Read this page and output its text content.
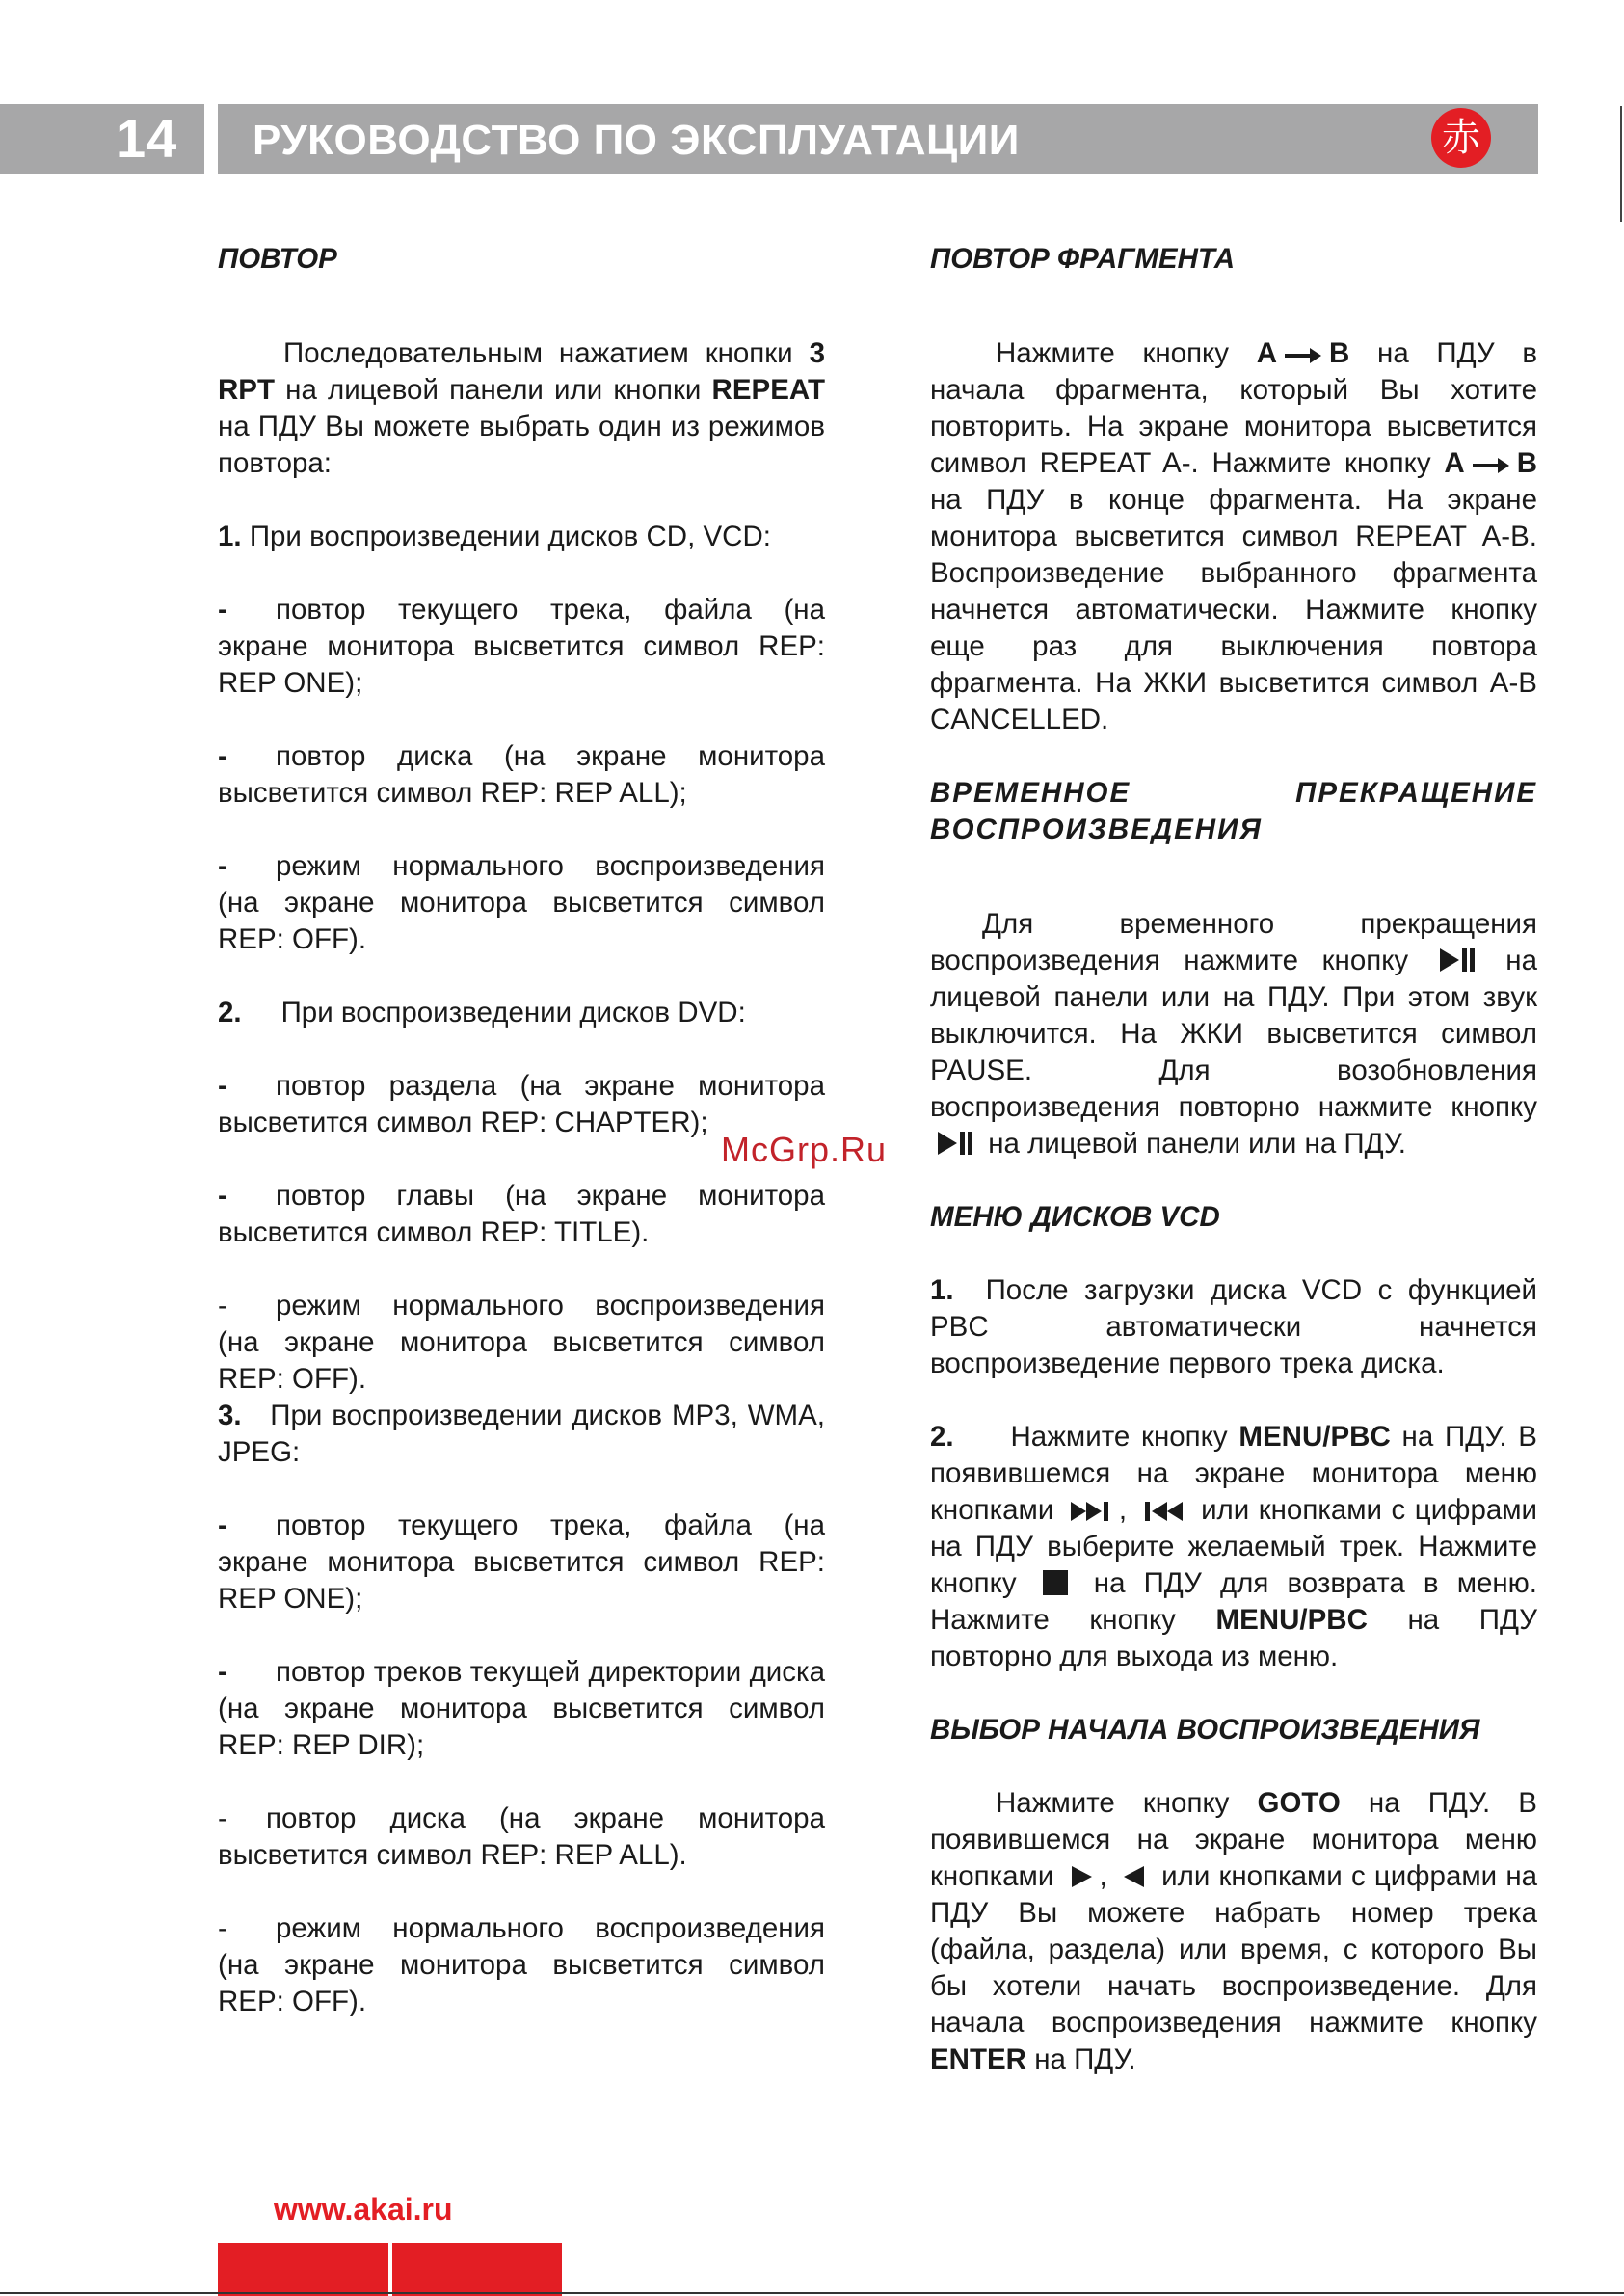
14 РУКОВОДСТВО ПО ЭКСПЛУАТАЦИИ	赤

ПОВТОР

Последовательным нажатием кнопки 3 RPT на лицевой панели или кнопки REPEAT на ПДУ Вы можете выбрать один из режимов повтора:

1. При воспроизведении дисков CD, VCD:

- повтор текущего трека, файла (на экране монитора высветится символ REP: REP ONE);

- повтор диска (на экране монитора высветится символ REP: REP ALL);

- режим нормального воспроизведения (на экране монитора высветится символ REP: OFF).

2. При воспроизведении дисков DVD:

- повтор раздела (на экране монитора высветится символ REP: CHAPTER);

- повтор главы (на экране монитора высветится символ REP: TITLE).

- режим нормального воспроизведения (на экране монитора высветится символ REP: OFF).

3. При воспроизведении дисков MP3, WMA, JPEG:

- повтор текущего трека, файла (на экране монитора высветится символ REP: REP ONE);

- повтор треков текущей директории диска (на экране монитора высветится символ REP: REP DIR);

- повтор диска (на экране монитора высветится символ REP: REP ALL).

- режим нормального воспроизведения (на экране монитора высветится символ REP: OFF).

ПОВТОР ФРАГМЕНТА

Нажмите кнопку A B на ПДУ в начала фрагмента, который Вы хотите повторить. На экране монитора высветится символ REPEAT A-. Нажмите кнопку A B на ПДУ в конце фрагмента. На экране монитора высветится символ REPEAT A-B. Воспроизведение выбранного фрагмента начнется автоматически. Нажмите кнопку еще раз для выключения повтора фрагмента. На ЖКИ высветится символ A-B CANCELLED.

ВРЕМЕННОЕ ПРЕКРАЩЕНИЕ

ВОСПРОИЗВЕДЕНИЯ

Для временного прекращения воспроизведения нажмите кнопку	на лицевой панели или на ПДУ. При этом звук выключится. На ЖКИ высветится символ PAUSE. Для возобновления воспроизведения повторно нажмите кнопку
на лицевой панели или на ПДУ.

МЕНЮ ДИСКОВ VCD

1. После загрузки диска VCD с функцией PBC автоматически начнется воспроизведение первого трека диска.

2. Нажмите кнопку MENU/PBC на ПДУ. В появившемся на экране монитора меню кнопками ,	или кнопками с цифрами на ПДУ выберите желаемый трек. Нажмите кнопку	на ПДУ для возврата в меню. Нажмите кнопку MENU/PBC на ПДУ повторно для выхода из меню.

ВЫБОР НАЧАЛА ВОСПРОИЗВЕДЕНИЯ

Нажмите кнопку GOTO на ПДУ. В появившемся на экране монитора меню кнопками , или кнопками с цифрами на ПДУ Вы можете набрать номер трека (файла, раздела) или время, с которого Вы бы хотели начать воспроизведение. Для начала воспроизведения нажмите кнопку ENTER на ПДУ.

McGrp.Ru
www.akai.ru
